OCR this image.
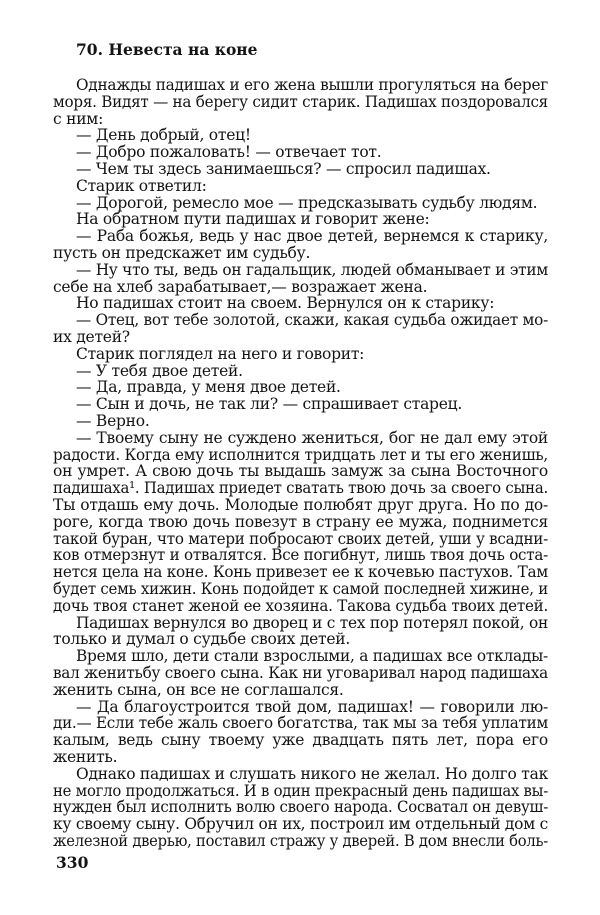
70. Невеста на коне
Однажды падишах и его жена вышли прогуляться на берег
моря. Видят — на берегу сидит старик. Падишах поздоровался
с ним:
— День добрый, отец!
— Добро пожаловать! — отвечает тот.
— Чем ты здесь занимаешься? — спросил падишах.
Старик ответил:
— Дорогой, ремесло мое — предсказывать судьбу людям.
На обратном пути падишах и говорит жене:
— Раба божья, ведь у нас двое детей, вернемся к старику,
пусть он предскажет им судьбу.
— Ну что ты, ведь он гадальщик, людей обманывает и этим
себе на хлеб зарабатывает,— возражает жена.
Но падишах стоит на своем. Вернулся он к старику:
— Отец, вот тебе золотой, скажи, какая судьба ожидает мо-
их детей?
Старик поглядел на него и говорит:
— У тебя двое детей.
— Да, правда, у меня двое детей.
— Сын и дочь, не так ли? — спрашивает старец.
— Верно.
— Твоему сыну не суждено жениться, бог не дал ему этой
радости. Когда ему исполнится тридцать лет и ты его женишь,
он умрет. А свою дочь ты выдашь замуж за сына Восточного
падишаха¹. Падишах приедет сватать твою дочь за своего сына.
Ты отдашь ему дочь. Молодые полюбят друг друга. Но по до-
роге, когда твою дочь повезут в страну ее мужа, поднимется
такой буран, что матери побросают своих детей, уши у всадни-
ков отмерзнут и отвалятся. Все погибнут, лишь твоя дочь оста-
нется цела на коне. Конь привезет ее к кочевью пастухов. Там
будет семь хижин. Конь подойдет к самой последней хижине, и
дочь твоя станет женой ее хозяина. Такова судьба твоих детей.
Падишах вернулся во дворец и с тех пор потерял покой, он
только и думал о судьбе своих детей.
Время шло, дети стали взрослыми, а падишах все отклады-
вал женитьбу своего сына. Как ни уговаривал народ падишаха
женить сына, он все не соглашался.
— Да благоустроится твой дом, падишах! — говорили лю-
ди.— Если тебе жаль своего богатства, так мы за тебя уплатим
калым, ведь сыну твоему уже двадцать пять лет, пора его
женить.
Однако падишах и слушать никого не желал. Но долго так
не могло продолжаться. И в один прекрасный день падишах вы-
нужден был исполнить волю своего народа. Сосватал он девуш-
ку своему сыну. Обручил он их, построил им отдельный дом с
железной дверью, поставил стражу у дверей. В дом внесли боль-
330
